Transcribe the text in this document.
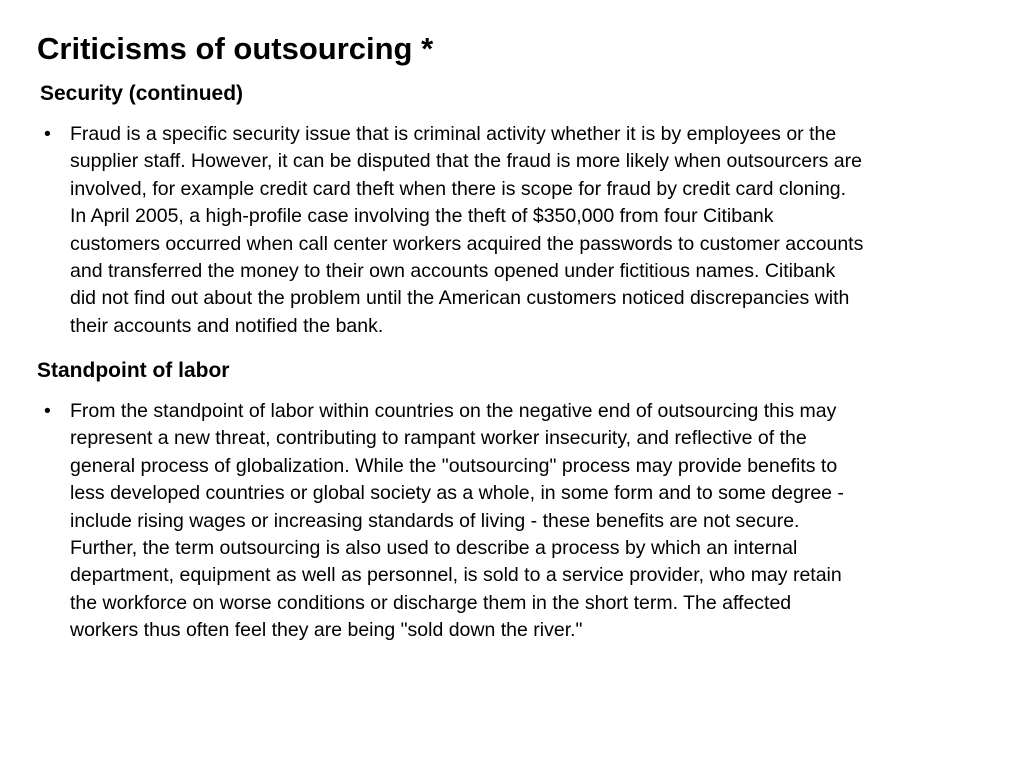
Criticisms of outsourcing *
Security (continued)
• Fraud is a specific security issue that is criminal activity whether it is by employees or the
supplier staff. However, it can be disputed that the fraud is more likely when outsourcers are
involved, for example credit card theft when there is scope for fraud by credit card cloning.
In April 2005, a high-profile case involving the theft of $350,000 from four Citibank
customers occurred when call center workers acquired the passwords to customer accounts
and transferred the money to their own accounts opened under fictitious names. Citibank
did not find out about the problem until the American customers noticed discrepancies with
their accounts and notified the bank.
Standpoint of labor
• From the standpoint of labor within countries on the negative end of outsourcing this may
represent a new threat, contributing to rampant worker insecurity, and reflective of the
general process of globalization. While the "outsourcing" process may provide benefits to
less developed countries or global society as a whole, in some form and to some degree -
include rising wages or increasing standards of living - these benefits are not secure.
Further, the term outsourcing is also used to describe a process by which an internal
department, equipment as well as personnel, is sold to a service provider, who may retain
the workforce on worse conditions or discharge them in the short term. The affected
workers thus often feel they are being "sold down the river."
